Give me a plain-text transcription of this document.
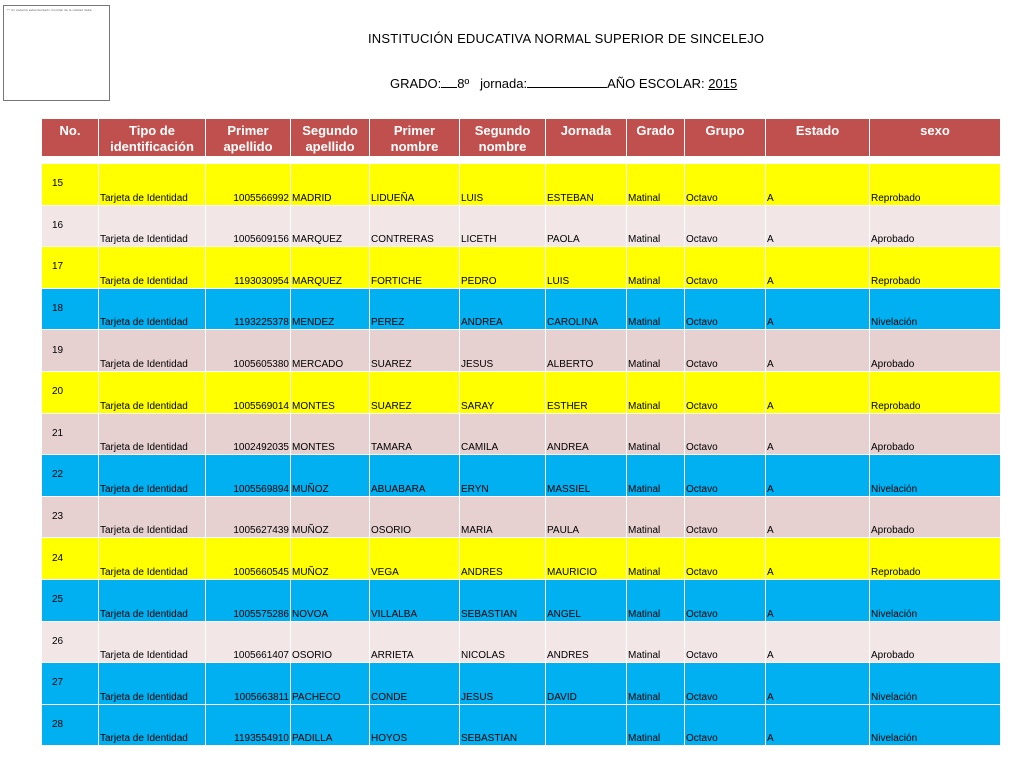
** Un sistema estandarizado mundial de la calidad debe
INSTITUCIÓN EDUCATIVA NORMAL SUPERIOR DE SINCELEJO
GRADO: 8º jornada:	AÑO ESCOLAR: 2015
No.	Tipo de identificación	Primer apellido	Segundo apellido	Primer nombre	Segundo nombre	Jornada	Grado	Grupo	Estado	sexo

15	Tarjeta de Identidad	1005566992	MADRID	LIDUEÑA	LUIS	ESTEBAN	Matinal	Octavo	A	Reprobado
16	Tarjeta de Identidad	1005609156	MARQUEZ	CONTRERAS	LICETH	PAOLA	Matinal	Octavo	A	Aprobado
17	Tarjeta de Identidad	1193030954	MARQUEZ	FORTICHE	PEDRO	LUIS	Matinal	Octavo	A	Reprobado
18	Tarjeta de Identidad	1193225378	MENDEZ	PEREZ	ANDREA	CAROLINA	Matinal	Octavo	A	Nivelación
19	Tarjeta de Identidad	1005605380	MERCADO	SUAREZ	JESUS	ALBERTO	Matinal	Octavo	A	Aprobado
20	Tarjeta de Identidad	1005569014	MONTES	SUAREZ	SARAY	ESTHER	Matinal	Octavo	A	Reprobado
21	Tarjeta de Identidad	1002492035	MONTES	TAMARA	CAMILA	ANDREA	Matinal	Octavo	A	Aprobado
22	Tarjeta de Identidad	1005569894	MUÑOZ	ABUABARA	ERYN	MASSIEL	Matinal	Octavo	A	Nivelación
23	Tarjeta de Identidad	1005627439	MUÑOZ	OSORIO	MARIA	PAULA	Matinal	Octavo	A	Aprobado
24	Tarjeta de Identidad	1005660545	MUÑOZ	VEGA	ANDRES	MAURICIO	Matinal	Octavo	A	Reprobado
25	Tarjeta de Identidad	1005575286	NOVOA	VILLALBA	SEBASTIAN	ANGEL	Matinal	Octavo	A	Nivelación
26	Tarjeta de Identidad	1005661407	OSORIO	ARRIETA	NICOLAS	ANDRES	Matinal	Octavo	A	Aprobado
27	Tarjeta de Identidad	1005663811	PACHECO	CONDE	JESUS	DAVID	Matinal	Octavo	A	Nivelación
28	Tarjeta de Identidad	1193554910	PADILLA	HOYOS	SEBASTIAN		Matinal	Octavo	A	Nivelación
